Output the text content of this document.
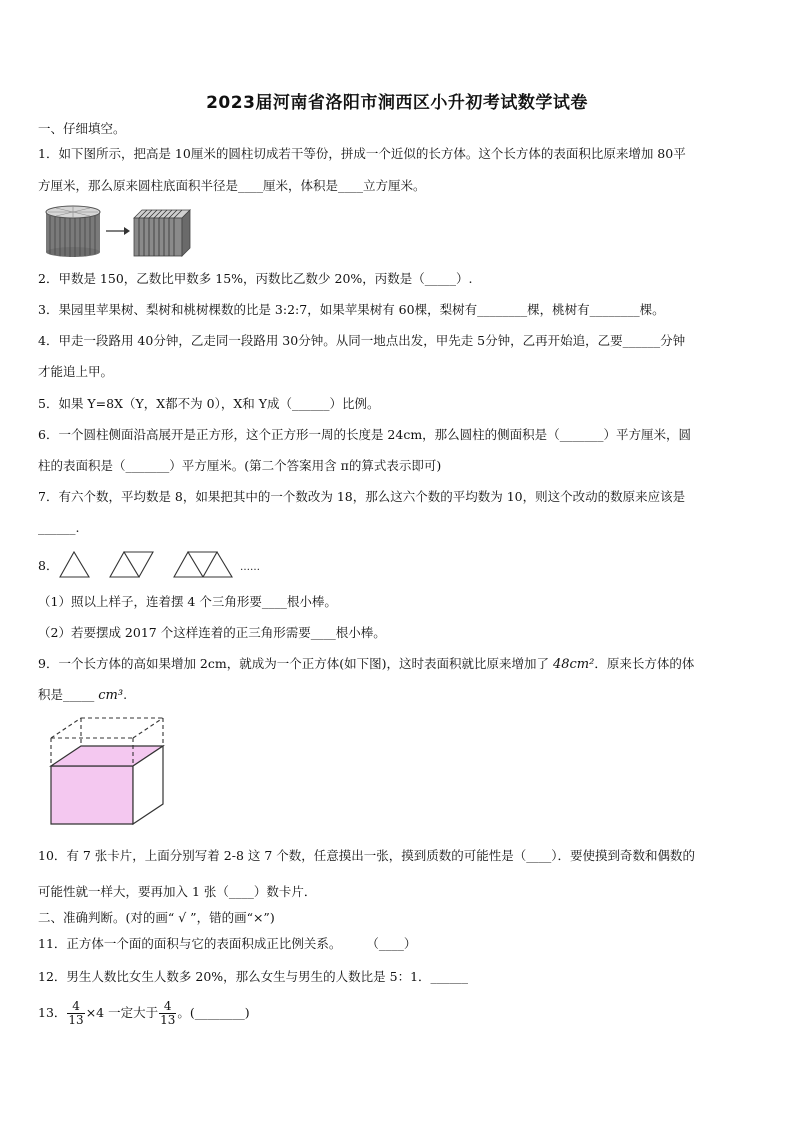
2023届河南省洛阳市涧西区小升初考试数学试卷
一、仔细填空。
1．如下图所示，把高是 10厘米的圆柱切成若干等份，拼成一个近似的长方体。这个长方体的表面积比原来增加 80平
方厘米，那么原来圆柱底面积半径是____厘米，体积是____立方厘米。
2．甲数是 150，乙数比甲数多 15%，丙数比乙数少 20%，丙数是（_____）.
3．果园里苹果树、梨树和桃树棵数的比是 3:2:7，如果苹果树有 60棵，梨树有________棵，桃树有________棵。
4．甲走一段路用 40分钟，乙走同一段路用 30分钟。从同一地点出发，甲先走 5分钟，乙再开始追，乙要______分钟
才能追上甲。
5．如果 Y=8X（Y，X都不为 0），X和 Y成（______）比例。
6．一个圆柱侧面沿高展开是正方形，这个正方形一周的长度是 24cm，那么圆柱的侧面积是（_______）平方厘米，圆
柱的表面积是（_______）平方厘米。(第二个答案用含 π的算式表示即可)
7．有六个数，平均数是 8，如果把其中的一个数改为 18，那么这六个数的平均数为 10，则这个改动的数原来应该是
______.
8．	……
（1）照以上样子，连着摆 4 个三角形要____根小棒。
（2）若要摆成 2017 个这样连着的正三角形需要____根小棒。
9．一个长方体的高如果增加 2cm，就成为一个正方体(如下图)，这时表面积就比原来增加了 48cm²．原来长方体的体
积是_____ cm³.
10．有 7 张卡片，上面分别写着 2-8 这 7 个数，任意摸出一张，摸到质数的可能性是（____）．要使摸到奇数和偶数的
可能性就一样大，要再加入 1 张（____）数卡片．
二、准确判断。(对的画“ √ ”，错的画“×”)
11．正方体一个面的面积与它的表面积成正比例关系。　　　（____）
12．男生人数比女生人数多 20%，那么女生与男生的人数比是 5：1．______
13． $\frac{4}{13} \times 4$ 一定大于 $\frac{4}{13}$ 。(________)
